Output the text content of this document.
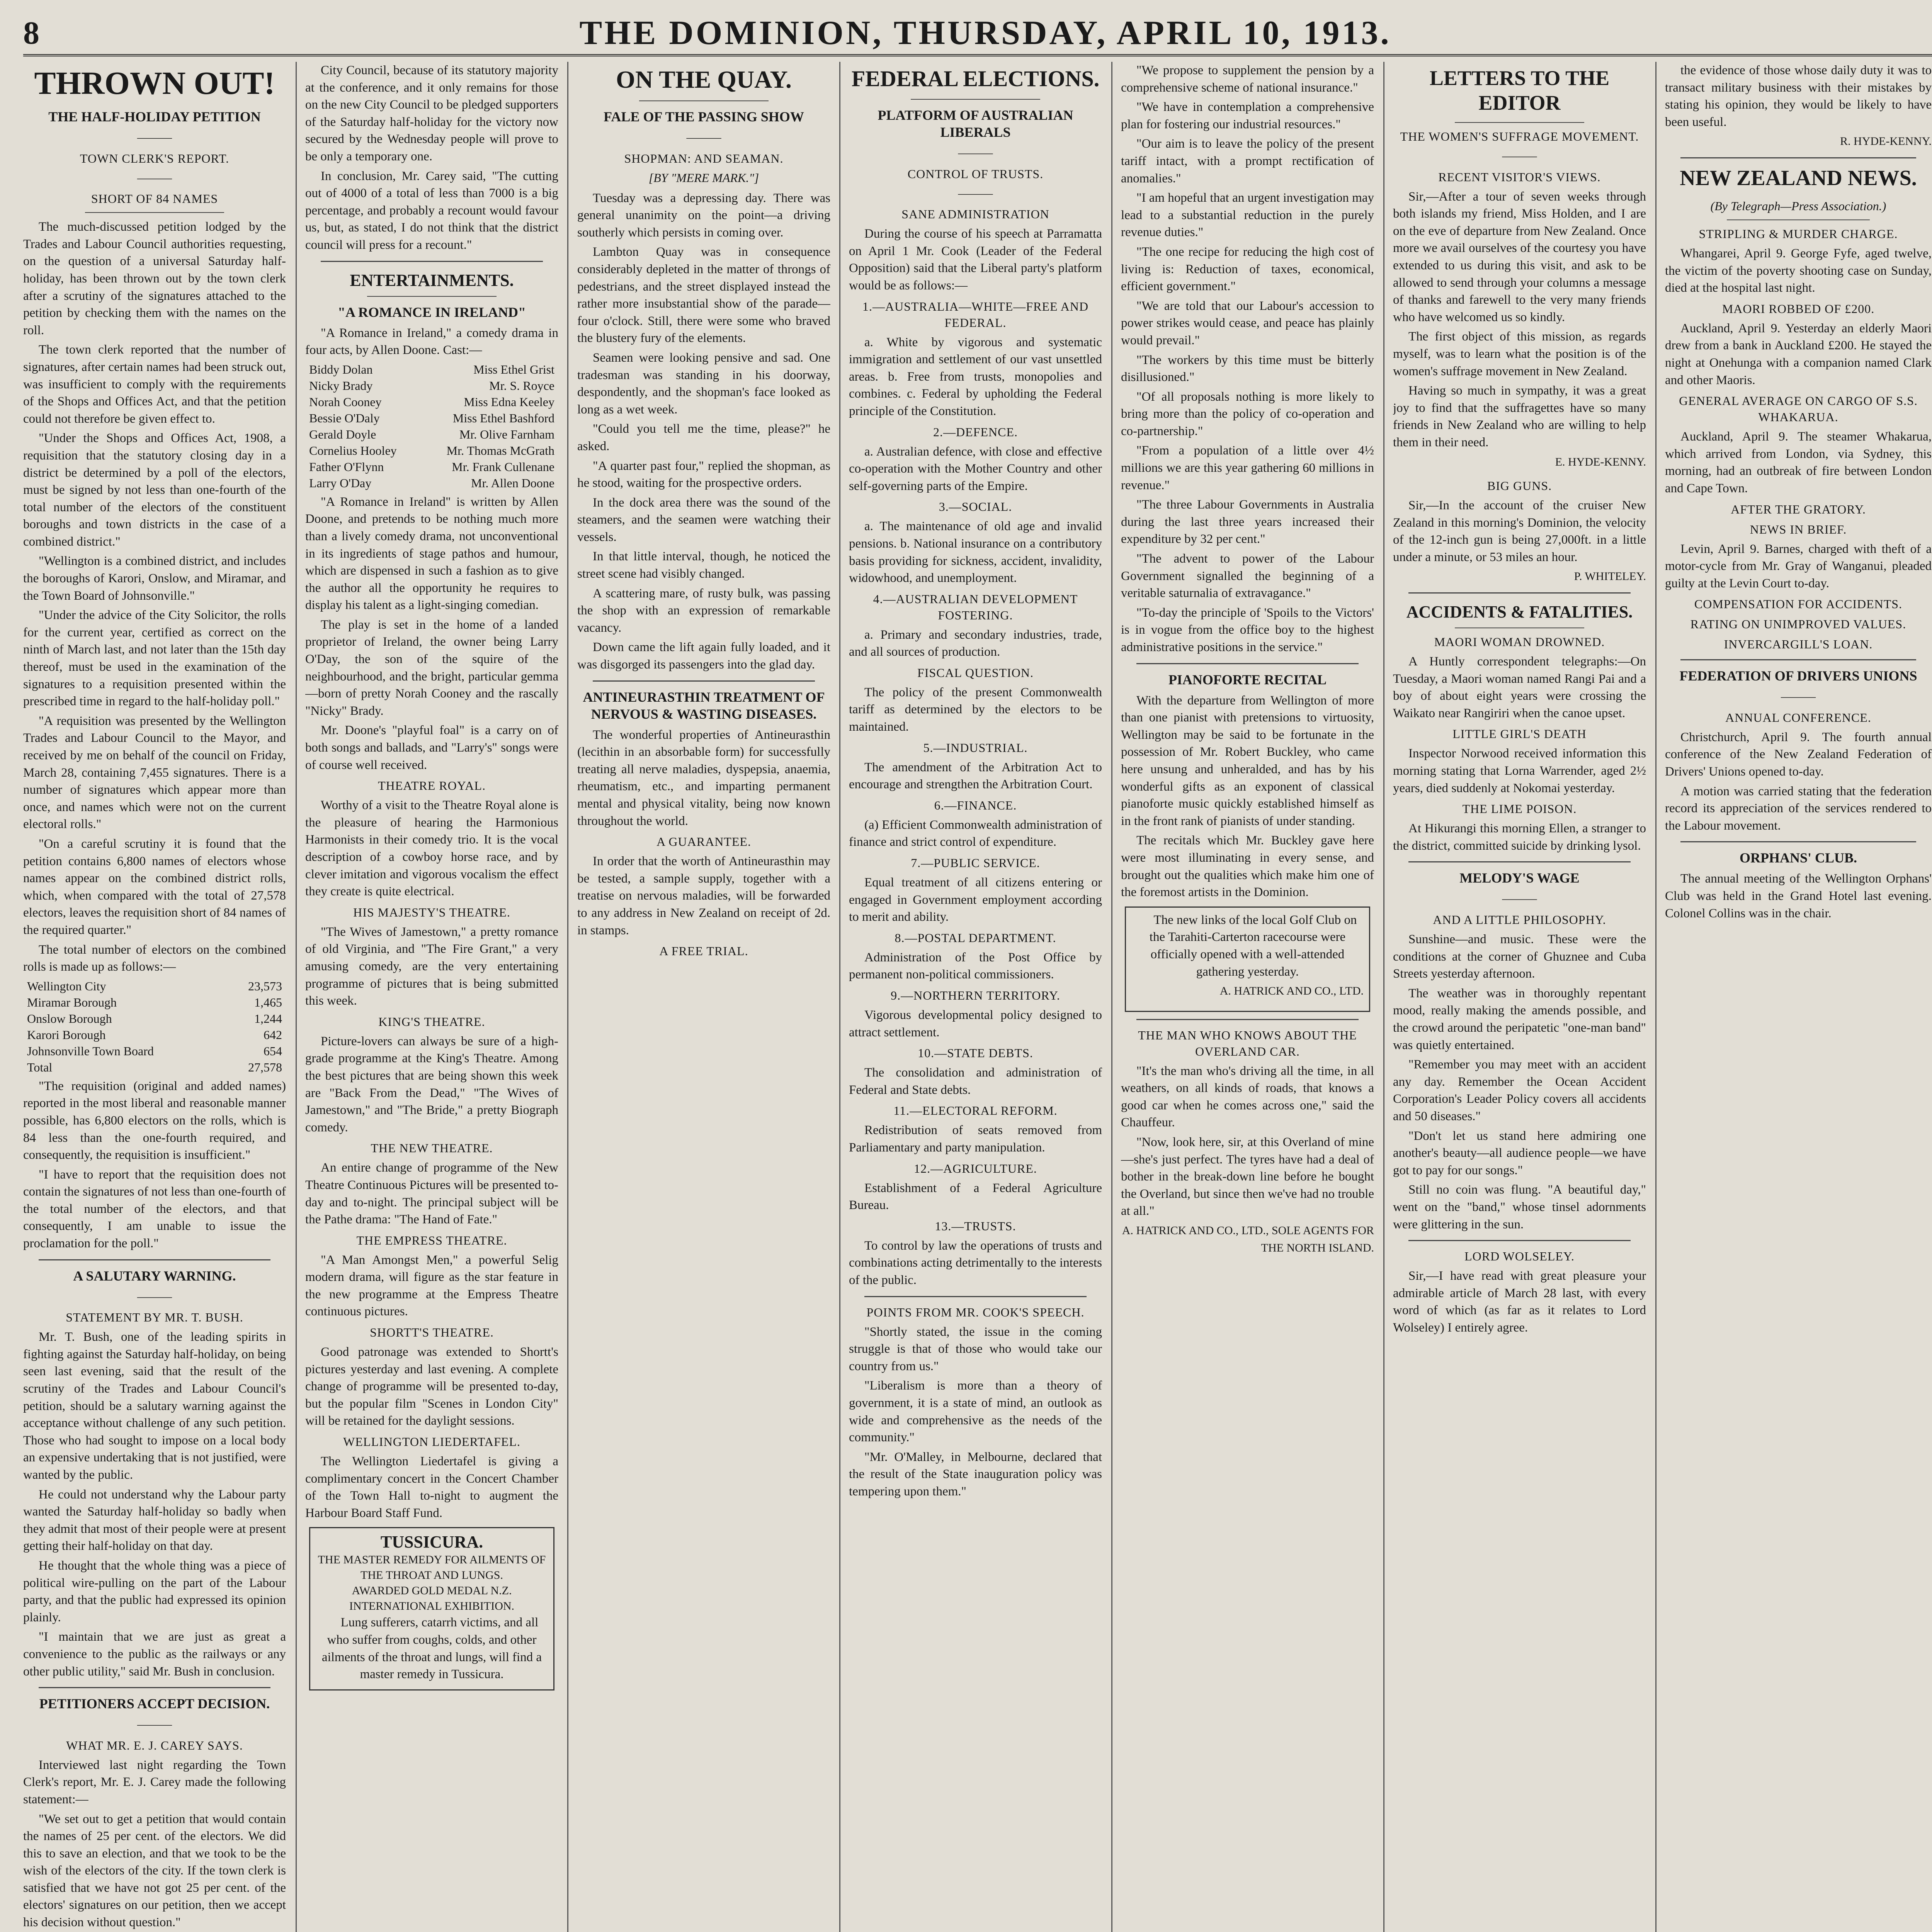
8	THE DOMINION, THURSDAY, APRIL 10, 1913.
THROWN OUT!
THE HALF-HOLIDAY PETITION
———
TOWN CLERK'S REPORT.
———
SHORT OF 84 NAMES

The much-discussed petition lodged by the Trades and Labour Council authorities requesting, on the question of a universal Saturday half-holiday, has been thrown out by the town clerk after a scrutiny of the signatures attached to the petition by checking them with the names on the roll.

The town clerk reported that the number of signatures, after certain names had been struck out, was insufficient to comply with the requirements of the Shops and Offices Act, and that the petition could not therefore be given effect to.

"Under the Shops and Offices Act, 1908, a requisition that the statutory closing day in a district be determined by a poll of the electors, must be signed by not less than one-fourth of the total number of the electors of the constituent boroughs and town districts in the case of a combined district."

"Wellington is a combined district, and includes the boroughs of Karori, Onslow, and Miramar, and the Town Board of Johnsonville."

"Under the advice of the City Solicitor, the rolls for the current year, certified as correct on the ninth of March last, and not later than the 15th day thereof, must be used in the examination of the signatures to a requisition presented within the prescribed time in regard to the half-holiday poll."

"A requisition was presented by the Wellington Trades and Labour Council to the Mayor, and received by me on behalf of the council on Friday, March 28, containing 7,455 signatures. There is a number of signatures which appear more than once, and names which were not on the current electoral rolls."

"On a careful scrutiny it is found that the petition contains 6,800 names of electors whose names appear on the combined district rolls, which, when compared with the total of 27,578 electors, leaves the requisition short of 84 names of the required quarter."

The total number of electors on the combined rolls is made up as follows:—

Wellington City	23,573
Miramar Borough	1,465
Onslow Borough	1,244
Karori Borough	642
Johnsonville Town Board	654
Total	27,578

"The requisition (original and added names) reported in the most liberal and reasonable manner possible, has 6,800 electors on the rolls, which is 84 less than the one-fourth required, and consequently, the requisition is insufficient."

"I have to report that the requisition does not contain the signatures of not less than one-fourth of the total number of the electors, and that consequently, I am unable to issue the proclamation for the poll."

A SALUTARY WARNING.
———
STATEMENT BY MR. T. BUSH.

Mr. T. Bush, one of the leading spirits in fighting against the Saturday half-holiday, on being seen last evening, said that the result of the scrutiny of the Trades and Labour Council's petition, should be a salutary warning against the acceptance without challenge of any such petition. Those who had sought to impose on a local body an expensive undertaking that is not justified, were wanted by the public.

He could not understand why the Labour party wanted the Saturday half-holiday so badly when they admit that most of their people were at present getting their half-holiday on that day.

He thought that the whole thing was a piece of political wire-pulling on the part of the Labour party, and that the public had expressed its opinion plainly.

"I maintain that we are just as great a convenience to the public as the railways or any other public utility," said Mr. Bush in conclusion.

PETITIONERS ACCEPT DECISION.
———
WHAT MR. E. J. CAREY SAYS.

Interviewed last night regarding the Town Clerk's report, Mr. E. J. Carey made the following statement:—

"We set out to get a petition that would contain the names of 25 per cent. of the electors. We did this to save an election, and that we took to be the wish of the electors of the city. If the town clerk is satisfied that we have not got 25 per cent. of the electors' signatures on our petition, then we accept his decision without question."

City Council, because of its statutory majority at the conference, and it only remains for those on the new City Council to be pledged supporters of the Saturday half-holiday for the victory now secured by the Wednesday people will prove to be only a temporary one.

In conclusion, Mr. Carey said, "The cutting out of 4000 of a total of less than 7000 is a big percentage, and probably a recount would favour us, but, as stated, I do not think that the district council will press for a recount."

ENTERTAINMENTS.
"A ROMANCE IN IRELAND"

"A Romance in Ireland," a comedy drama in four acts, by Allen Doone. Cast:—

Biddy Dolan	Miss Ethel Grist
Nicky Brady	Mr. S. Royce
Norah Cooney	Miss Edna Keeley
Bessie O'Daly	Miss Ethel Bashford
Gerald Doyle	Mr. Olive Farnham
Cornelius Hooley	Mr. Thomas McGrath
Father O'Flynn	Mr. Frank Cullenane
Larry O'Day	Mr. Allen Doone

"A Romance in Ireland" is written by Allen Doone, and pretends to be nothing much more than a lively comedy drama, not unconventional in its ingredients of stage pathos and humour, which are dispensed in such a fashion as to give the author all the opportunity he requires to display his talent as a light-singing comedian.

The play is set in the home of a landed proprietor of Ireland, the owner being Larry O'Day, the son of the squire of the neighbourhood, and the bright, particular gemma—born of pretty Norah Cooney and the rascally "Nicky" Brady.

Mr. Doone's "playful foal" is a carry on of both songs and ballads, and "Larry's" songs were of course well received.

THEATRE ROYAL.

Worthy of a visit to the Theatre Royal alone is the pleasure of hearing the Harmonious Harmonists in their comedy trio. It is the vocal description of a cowboy horse race, and by clever imitation and vigorous vocalism the effect they create is quite electrical.

HIS MAJESTY'S THEATRE.

"The Wives of Jamestown," a pretty romance of old Virginia, and "The Fire Grant," a very amusing comedy, are the very entertaining programme of pictures that is being submitted this week.

KING'S THEATRE.

Picture-lovers can always be sure of a high-grade programme at the King's Theatre. Among the best pictures that are being shown this week are "Back From the Dead," "The Wives of Jamestown," and "The Bride," a pretty Biograph comedy.

THE NEW THEATRE.

An entire change of programme of the New Theatre Continuous Pictures will be presented to-day and to-night. The principal subject will be the Pathe drama: "The Hand of Fate."

THE EMPRESS THEATRE.

"A Man Amongst Men," a powerful Selig modern drama, will figure as the star feature in the new programme at the Empress Theatre continuous pictures.

SHORTT'S THEATRE.

Good patronage was extended to Shortt's pictures yesterday and last evening. A complete change of programme will be presented to-day, but the popular film "Scenes in London City" will be retained for the daylight sessions.

WELLINGTON LIEDERTAFEL.

The Wellington Liedertafel is giving a complimentary concert in the Concert Chamber of the Town Hall to-night to augment the Harbour Board Staff Fund.

TUSSICURA.
THE MASTER REMEDY FOR AILMENTS OF THE THROAT AND LUNGS.
AWARDED GOLD MEDAL N.Z. INTERNATIONAL EXHIBITION.

Lung sufferers, catarrh victims, and all who suffer from coughs, colds, and other ailments of the throat and lungs, will find a master remedy in Tussicura.

ON THE QUAY.
FALE OF THE PASSING SHOW
———
SHOPMAN: AND SEAMAN.
[BY "MERE MARK."]

Tuesday was a depressing day. There was general unanimity on the point—a driving southerly which persists in coming over.

Lambton Quay was in consequence considerably depleted in the matter of throngs of pedestrians, and the street displayed instead the rather more insubstantial show of the parade—four o'clock. Still, there were some who braved the blustery fury of the elements.

Seamen were looking pensive and sad. One tradesman was standing in his doorway, despondently, and the shopman's face looked as long as a wet week.

"Could you tell me the time, please?" he asked.

"A quarter past four," replied the shopman, as he stood, waiting for the prospective orders.

In the dock area there was the sound of the steamers, and the seamen were watching their vessels.

In that little interval, though, he noticed the street scene had visibly changed.

A scattering mare, of rusty bulk, was passing the shop with an expression of remarkable vacancy.

Down came the lift again fully loaded, and it was disgorged its passengers into the glad day.

ANTINEURASTHIN TREATMENT OF NERVOUS & WASTING DISEASES.

The wonderful properties of Antineurasthin (lecithin in an absorbable form) for successfully treating all nerve maladies, dyspepsia, anaemia, rheumatism, etc., and imparting permanent mental and physical vitality, being now known throughout the world.

A GUARANTEE.

In order that the worth of Antineurasthin may be tested, a sample supply, together with a treatise on nervous maladies, will be forwarded to any address in New Zealand on receipt of 2d. in stamps.

A FREE TRIAL.
FEDERAL ELECTIONS.
PLATFORM OF AUSTRALIAN LIBERALS
———
CONTROL OF TRUSTS.
———
SANE ADMINISTRATION

During the course of his speech at Parramatta on April 1 Mr. Cook (Leader of the Federal Opposition) said that the Liberal party's platform would be as follows:—

1.—AUSTRALIA—WHITE—FREE AND FEDERAL.

a. White by vigorous and systematic immigration and settlement of our vast unsettled areas. b. Free from trusts, monopolies and combines. c. Federal by upholding the Federal principle of the Constitution.

2.—DEFENCE.

a. Australian defence, with close and effective co-operation with the Mother Country and other self-governing parts of the Empire.

3.—SOCIAL.

a. The maintenance of old age and invalid pensions. b. National insurance on a contributory basis providing for sickness, accident, invalidity, widowhood, and unemployment.

4.—AUSTRALIAN DEVELOPMENT FOSTERING.

a. Primary and secondary industries, trade, and all sources of production.

FISCAL QUESTION.

The policy of the present Commonwealth tariff as determined by the electors to be maintained.

5.—INDUSTRIAL.

The amendment of the Arbitration Act to encourage and strengthen the Arbitration Court.

6.—FINANCE.

(a) Efficient Commonwealth administration of finance and strict control of expenditure.

7.—PUBLIC SERVICE.

Equal treatment of all citizens entering or engaged in Government employment according to merit and ability.

8.—POSTAL DEPARTMENT.

Administration of the Post Office by permanent non-political commissioners.

9.—NORTHERN TERRITORY.

Vigorous developmental policy designed to attract settlement.

10.—STATE DEBTS.

The consolidation and administration of Federal and State debts.

11.—ELECTORAL REFORM.

Redistribution of seats removed from Parliamentary and party manipulation.

12.—AGRICULTURE.

Establishment of a Federal Agriculture Bureau.

13.—TRUSTS.

To control by law the operations of trusts and combinations acting detrimentally to the interests of the public.

POINTS FROM MR. COOK'S SPEECH.

"Shortly stated, the issue in the coming struggle is that of those who would take our country from us."

"Liberalism is more than a theory of government, it is a state of mind, an outlook as wide and comprehensive as the needs of the community."

"Mr. O'Malley, in Melbourne, declared that the result of the State inauguration policy was tempering upon them."

"We propose to supplement the pension by a comprehensive scheme of national insurance."

"We have in contemplation a comprehensive plan for fostering our industrial resources."

"Our aim is to leave the policy of the present tariff intact, with a prompt rectification of anomalies."

"I am hopeful that an urgent investigation may lead to a substantial reduction in the purely revenue duties."

"The one recipe for reducing the high cost of living is: Reduction of taxes, economical, efficient government."

"We are told that our Labour's accession to power strikes would cease, and peace has plainly would prevail."

"The workers by this time must be bitterly disillusioned."

"Of all proposals nothing is more likely to bring more than the policy of co-operation and co-partnership."

"From a population of a little over 4½ millions we are this year gathering 60 millions in revenue."

"The three Labour Governments in Australia during the last three years increased their expenditure by 32 per cent."

"The advent to power of the Labour Government signalled the beginning of a veritable saturnalia of extravagance."

"To-day the principle of 'Spoils to the Victors' is in vogue from the office boy to the highest administrative positions in the service."

PIANOFORTE RECITAL

With the departure from Wellington of more than one pianist with pretensions to virtuosity, Wellington may be said to be fortunate in the possession of Mr. Robert Buckley, who came here unsung and unheralded, and has by his wonderful gifts as an exponent of classical pianoforte music quickly established himself as in the front rank of pianists of under standing.

The recitals which Mr. Buckley gave here were most illuminating in every sense, and brought out the qualities which make him one of the foremost artists in the Dominion.

The new links of the local Golf Club on the Tarahiti-Carterton racecourse were officially opened with a well-attended gathering yesterday.

A. HATRICK AND CO., LTD.
THE MAN WHO KNOWS ABOUT THE OVERLAND CAR.

"It's the man who's driving all the time, in all weathers, on all kinds of roads, that knows a good car when he comes across one," said the Chauffeur.

"Now, look here, sir, at this Overland of mine—she's just perfect. The tyres have had a deal of bother in the break-down line before he bought the Overland, but since then we've had no trouble at all."

A. HATRICK AND CO., LTD., SOLE AGENTS FOR THE NORTH ISLAND.
LETTERS TO THE EDITOR
THE WOMEN'S SUFFRAGE MOVEMENT.
———
RECENT VISITOR'S VIEWS.

Sir,—After a tour of seven weeks through both islands my friend, Miss Holden, and I are on the eve of departure from New Zealand. Once more we avail ourselves of the courtesy you have extended to us during this visit, and ask to be allowed to send through your columns a message of thanks and farewell to the very many friends who have welcomed us so kindly.

The first object of this mission, as regards myself, was to learn what the position is of the women's suffrage movement in New Zealand.

Having so much in sympathy, it was a great joy to find that the suffragettes have so many friends in New Zealand who are willing to help them in their need.

E. HYDE-KENNY.
BIG GUNS.

Sir,—In the account of the cruiser New Zealand in this morning's Dominion, the velocity of the 12-inch gun is being 27,000ft. in a little under a minute, or 53 miles an hour.

P. WHITELEY.
ACCIDENTS & FATALITIES.
MAORI WOMAN DROWNED.

A Huntly correspondent telegraphs:—On Tuesday, a Maori woman named Rangi Pai and a boy of about eight years were crossing the Waikato near Rangiriri when the canoe upset.

LITTLE GIRL'S DEATH

Inspector Norwood received information this morning stating that Lorna Warrender, aged 2½ years, died suddenly at Nokomai yesterday.

THE LIME POISON.

At Hikurangi this morning Ellen, a stranger to the district, committed suicide by drinking lysol.

MELODY'S WAGE
———
AND A LITTLE PHILOSOPHY.

Sunshine—and music. These were the conditions at the corner of Ghuznee and Cuba Streets yesterday afternoon.

The weather was in thoroughly repentant mood, really making the amends possible, and the crowd around the peripatetic "one-man band" was quietly entertained.

"Remember you may meet with an accident any day. Remember the Ocean Accident Corporation's Leader Policy covers all accidents and 50 diseases."

"Don't let us stand here admiring one another's beauty—all audience people—we have got to pay for our songs."

Still no coin was flung. "A beautiful day," went on the "band," whose tinsel adornments were glittering in the sun.

LORD WOLSELEY.

Sir,—I have read with great pleasure your admirable article of March 28 last, with every word of which (as far as it relates to Lord Wolseley) I entirely agree.

the evidence of those whose daily duty it was to transact military business with their mistakes by stating his opinion, they would be likely to have been useful.

R. HYDE-KENNY.
NEW ZEALAND NEWS.
(By Telegraph—Press Association.)
STRIPLING & MURDER CHARGE.

Whangarei, April 9. George Fyfe, aged twelve, the victim of the poverty shooting case on Sunday, died at the hospital last night.

MAORI ROBBED OF £200.

Auckland, April 9. Yesterday an elderly Maori drew from a bank in Auckland £200. He stayed the night at Onehunga with a companion named Clark and other Maoris.

GENERAL AVERAGE ON CARGO OF S.S. WHAKARUA.

Auckland, April 9. The steamer Whakarua, which arrived from London, via Sydney, this morning, had an outbreak of fire between London and Cape Town.

AFTER THE GRATORY.
NEWS IN BRIEF.

Levin, April 9. Barnes, charged with theft of a motor-cycle from Mr. Gray of Wanganui, pleaded guilty at the Levin Court to-day.

COMPENSATION FOR ACCIDENTS.
RATING ON UNIMPROVED VALUES.
INVERCARGILL'S LOAN.
FEDERATION OF DRIVERS UNIONS
———
ANNUAL CONFERENCE.

Christchurch, April 9. The fourth annual conference of the New Zealand Federation of Drivers' Unions opened to-day.

A motion was carried stating that the federation record its appreciation of the services rendered to the Labour movement.

ORPHANS' CLUB.

The annual meeting of the Wellington Orphans' Club was held in the Grand Hotel last evening. Colonel Collins was in the chair.
